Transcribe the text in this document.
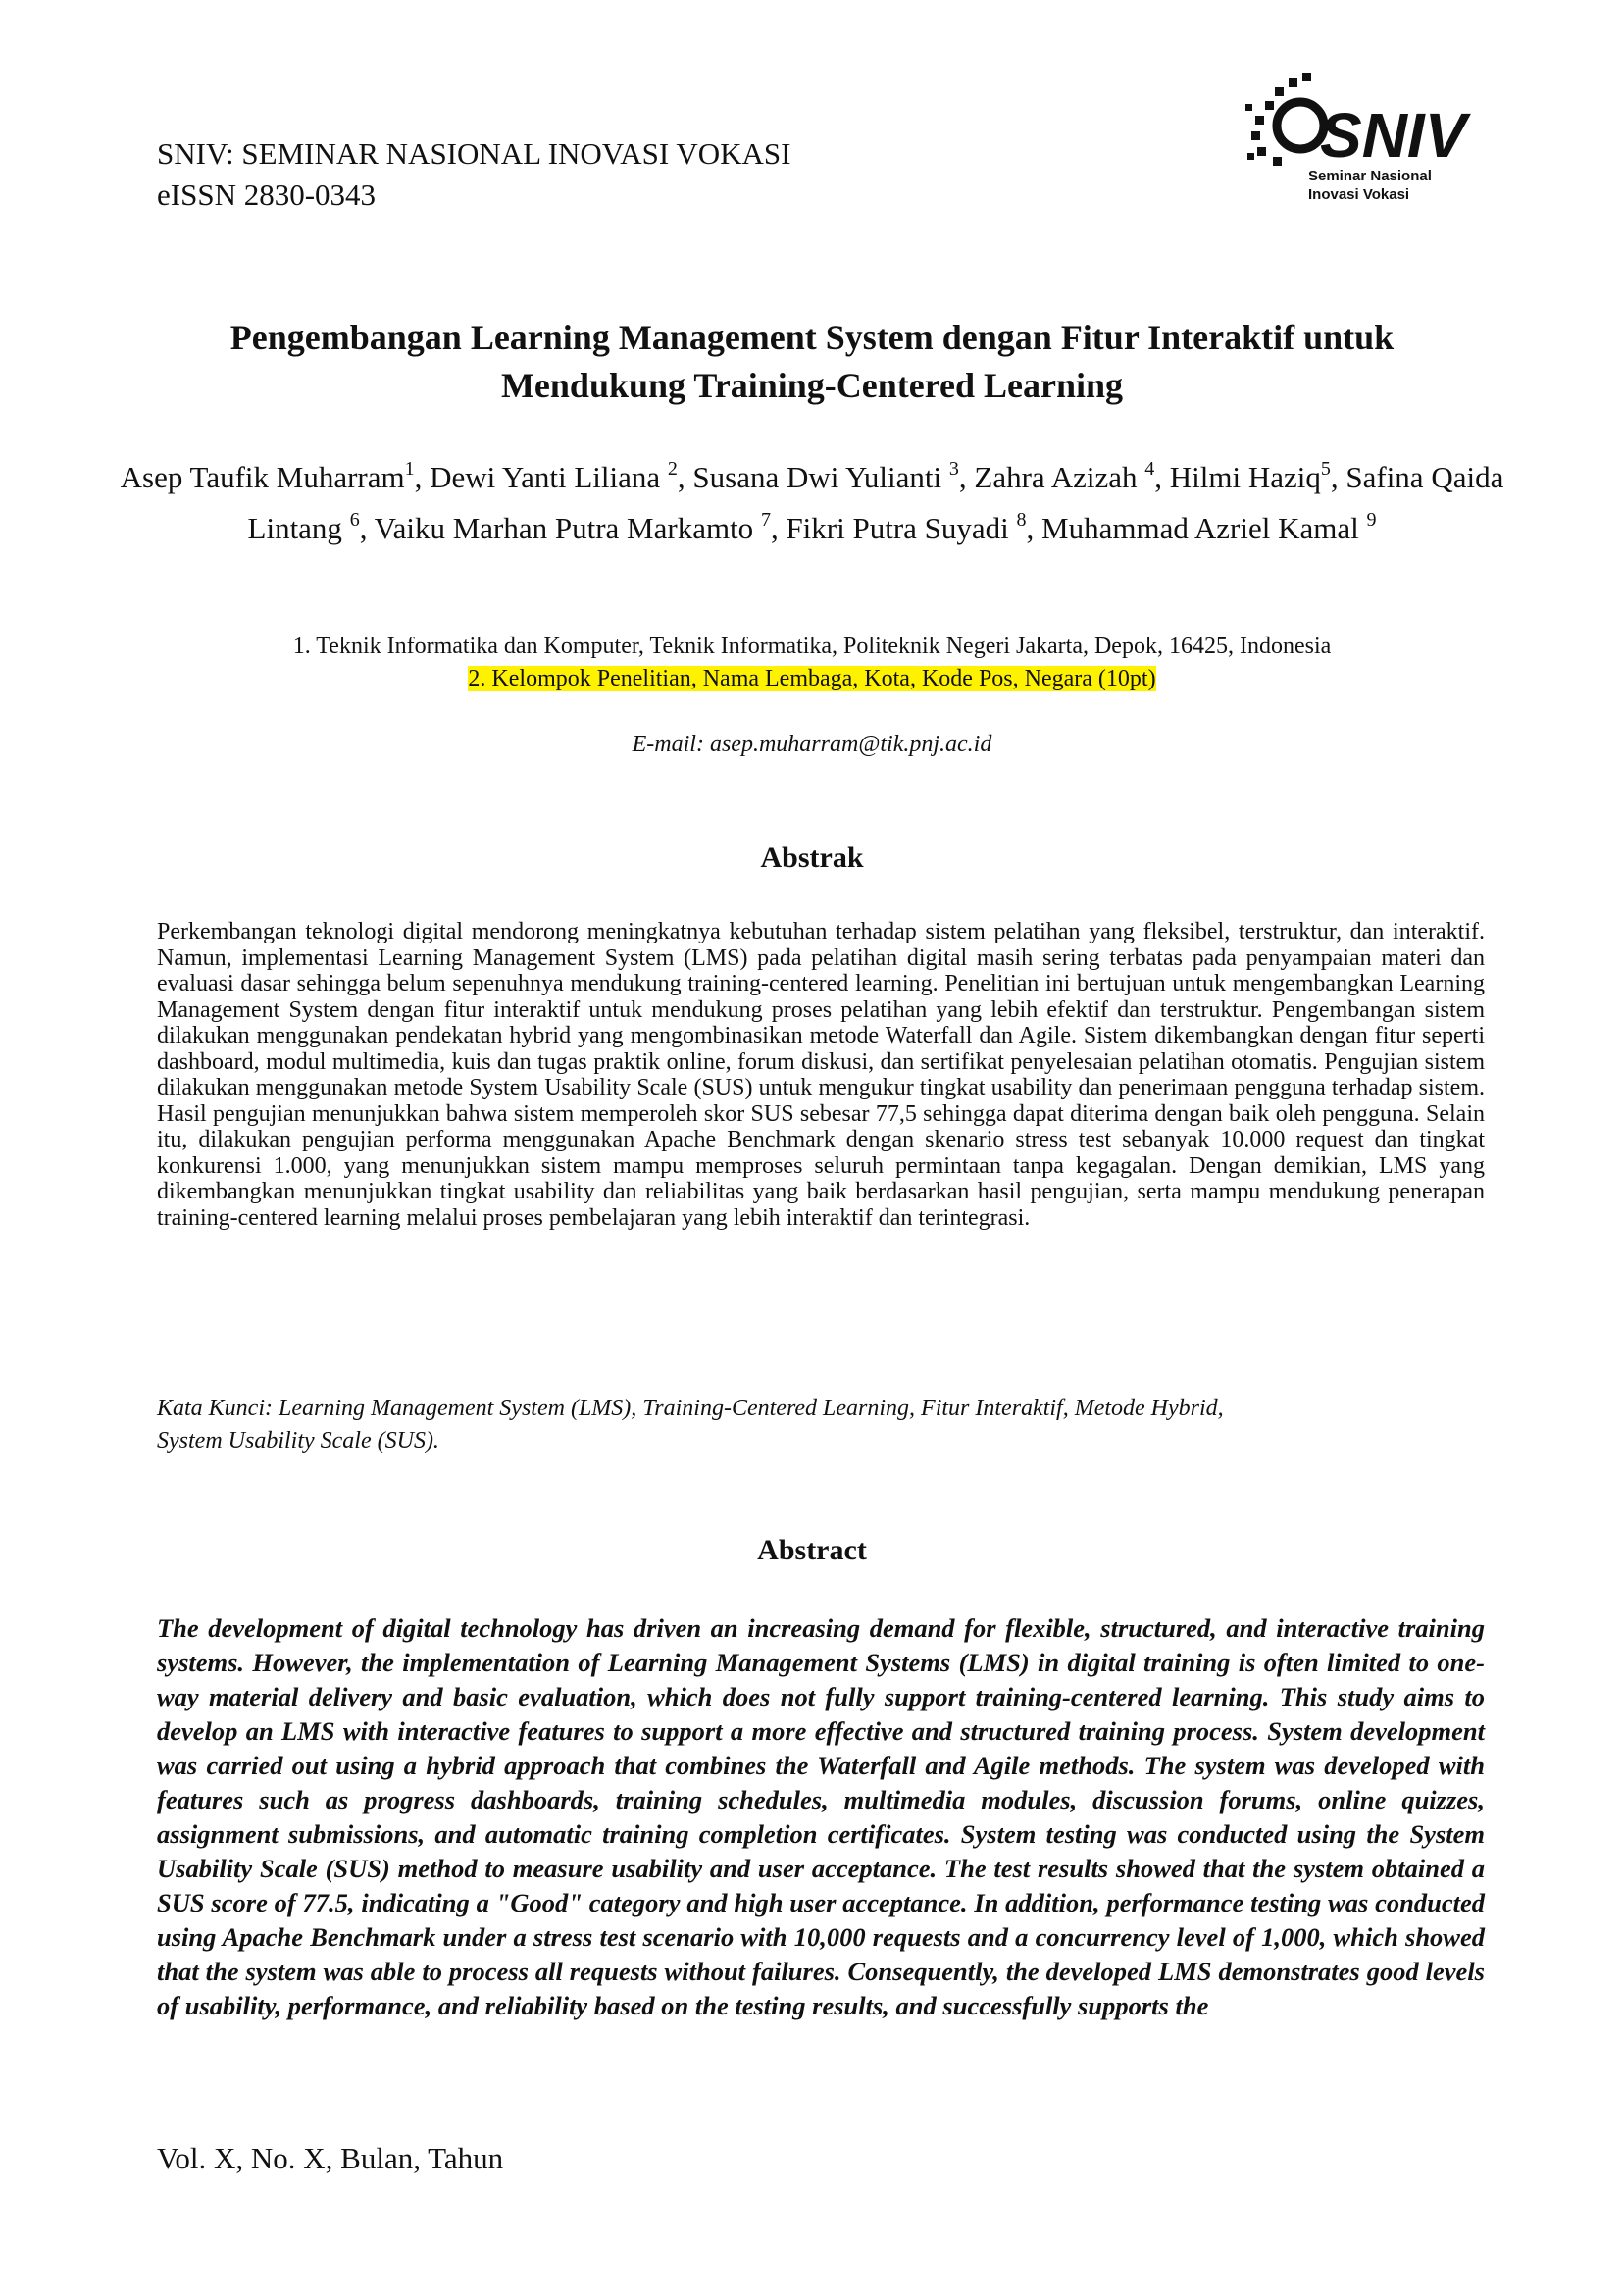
SNIV: SEMINAR NASIONAL INOVASI VOKASI
eISSN 2830-0343
SNIV
Seminar Nasional
Inovasi Vokasi
Pengembangan Learning Management System dengan Fitur Interaktif untuk
Mendukung Training-Centered Learning
Asep Taufik Muharram$^1$, Dewi Yanti Liliana $^2$, Susana Dwi Yulianti $^3$, Zahra Azizah $^4$, Hilmi Haziq$^5$, Safina Qaida Lintang $^6$, Vaiku Marhan Putra Markamto $^7$, Fikri Putra Suyadi $^8$, Muhammad Azriel Kamal $^9$
1. Teknik Informatika dan Komputer, Teknik Informatika, Politeknik Negeri Jakarta, Depok, 16425, Indonesia
2. Kelompok Penelitian, Nama Lembaga, Kota, Kode Pos, Negara (10pt)
E-mail: asep.muharram@tik.pnj.ac.id
Abstrak

Perkembangan teknologi digital mendorong meningkatnya kebutuhan terhadap sistem pelatihan yang fleksibel, terstruktur, dan interaktif. Namun, implementasi Learning Management System (LMS) pada pelatihan digital masih sering terbatas pada penyampaian materi dan evaluasi dasar sehingga belum sepenuhnya mendukung training-centered learning. Penelitian ini bertujuan untuk mengembangkan Learning Management System dengan fitur interaktif untuk mendukung proses pelatihan yang lebih efektif dan terstruktur. Pengembangan sistem dilakukan menggunakan pendekatan hybrid yang mengombinasikan metode Waterfall dan Agile. Sistem dikembangkan dengan fitur seperti dashboard, modul multimedia, kuis dan tugas praktik online, forum diskusi, dan sertifikat penyelesaian pelatihan otomatis. Pengujian sistem dilakukan menggunakan metode System Usability Scale (SUS) untuk mengukur tingkat usability dan penerimaan pengguna terhadap sistem. Hasil pengujian menunjukkan bahwa sistem memperoleh skor SUS sebesar 77,5 sehingga dapat diterima dengan baik oleh pengguna. Selain itu, dilakukan pengujian performa menggunakan Apache Benchmark dengan skenario stress test sebanyak 10.000 request dan tingkat konkurensi 1.000, yang menunjukkan sistem mampu memproses seluruh permintaan tanpa kegagalan. Dengan demikian, LMS yang dikembangkan menunjukkan tingkat usability dan reliabilitas yang baik berdasarkan hasil pengujian, serta mampu mendukung penerapan training-centered learning melalui proses pembelajaran yang lebih interaktif dan terintegrasi.

Kata Kunci: Learning Management System (LMS), Training-Centered Learning, Fitur Interaktif, Metode Hybrid,
System Usability Scale (SUS).
Abstract

The development of digital technology has driven an increasing demand for flexible, structured, and interactive training systems. However, the implementation of Learning Management Systems (LMS) in digital training is often limited to one-way material delivery and basic evaluation, which does not fully support training-centered learning. This study aims to develop an LMS with interactive features to support a more effective and structured training process. System development was carried out using a hybrid approach that combines the Waterfall and Agile methods. The system was developed with features such as progress dashboards, training schedules, multimedia modules, discussion forums, online quizzes, assignment submissions, and automatic training completion certificates. System testing was conducted using the System Usability Scale (SUS) method to measure usability and user acceptance. The test results showed that the system obtained a SUS score of 77.5, indicating a "Good" category and high user acceptance. In addition, performance testing was conducted using Apache Benchmark under a stress test scenario with 10,000 requests and a concurrency level of 1,000, which showed that the system was able to process all requests without failures. Consequently, the developed LMS demonstrates good levels of usability, performance, and reliability based on the testing results, and successfully supports the

Vol. X, No. X, Bulan, Tahun
